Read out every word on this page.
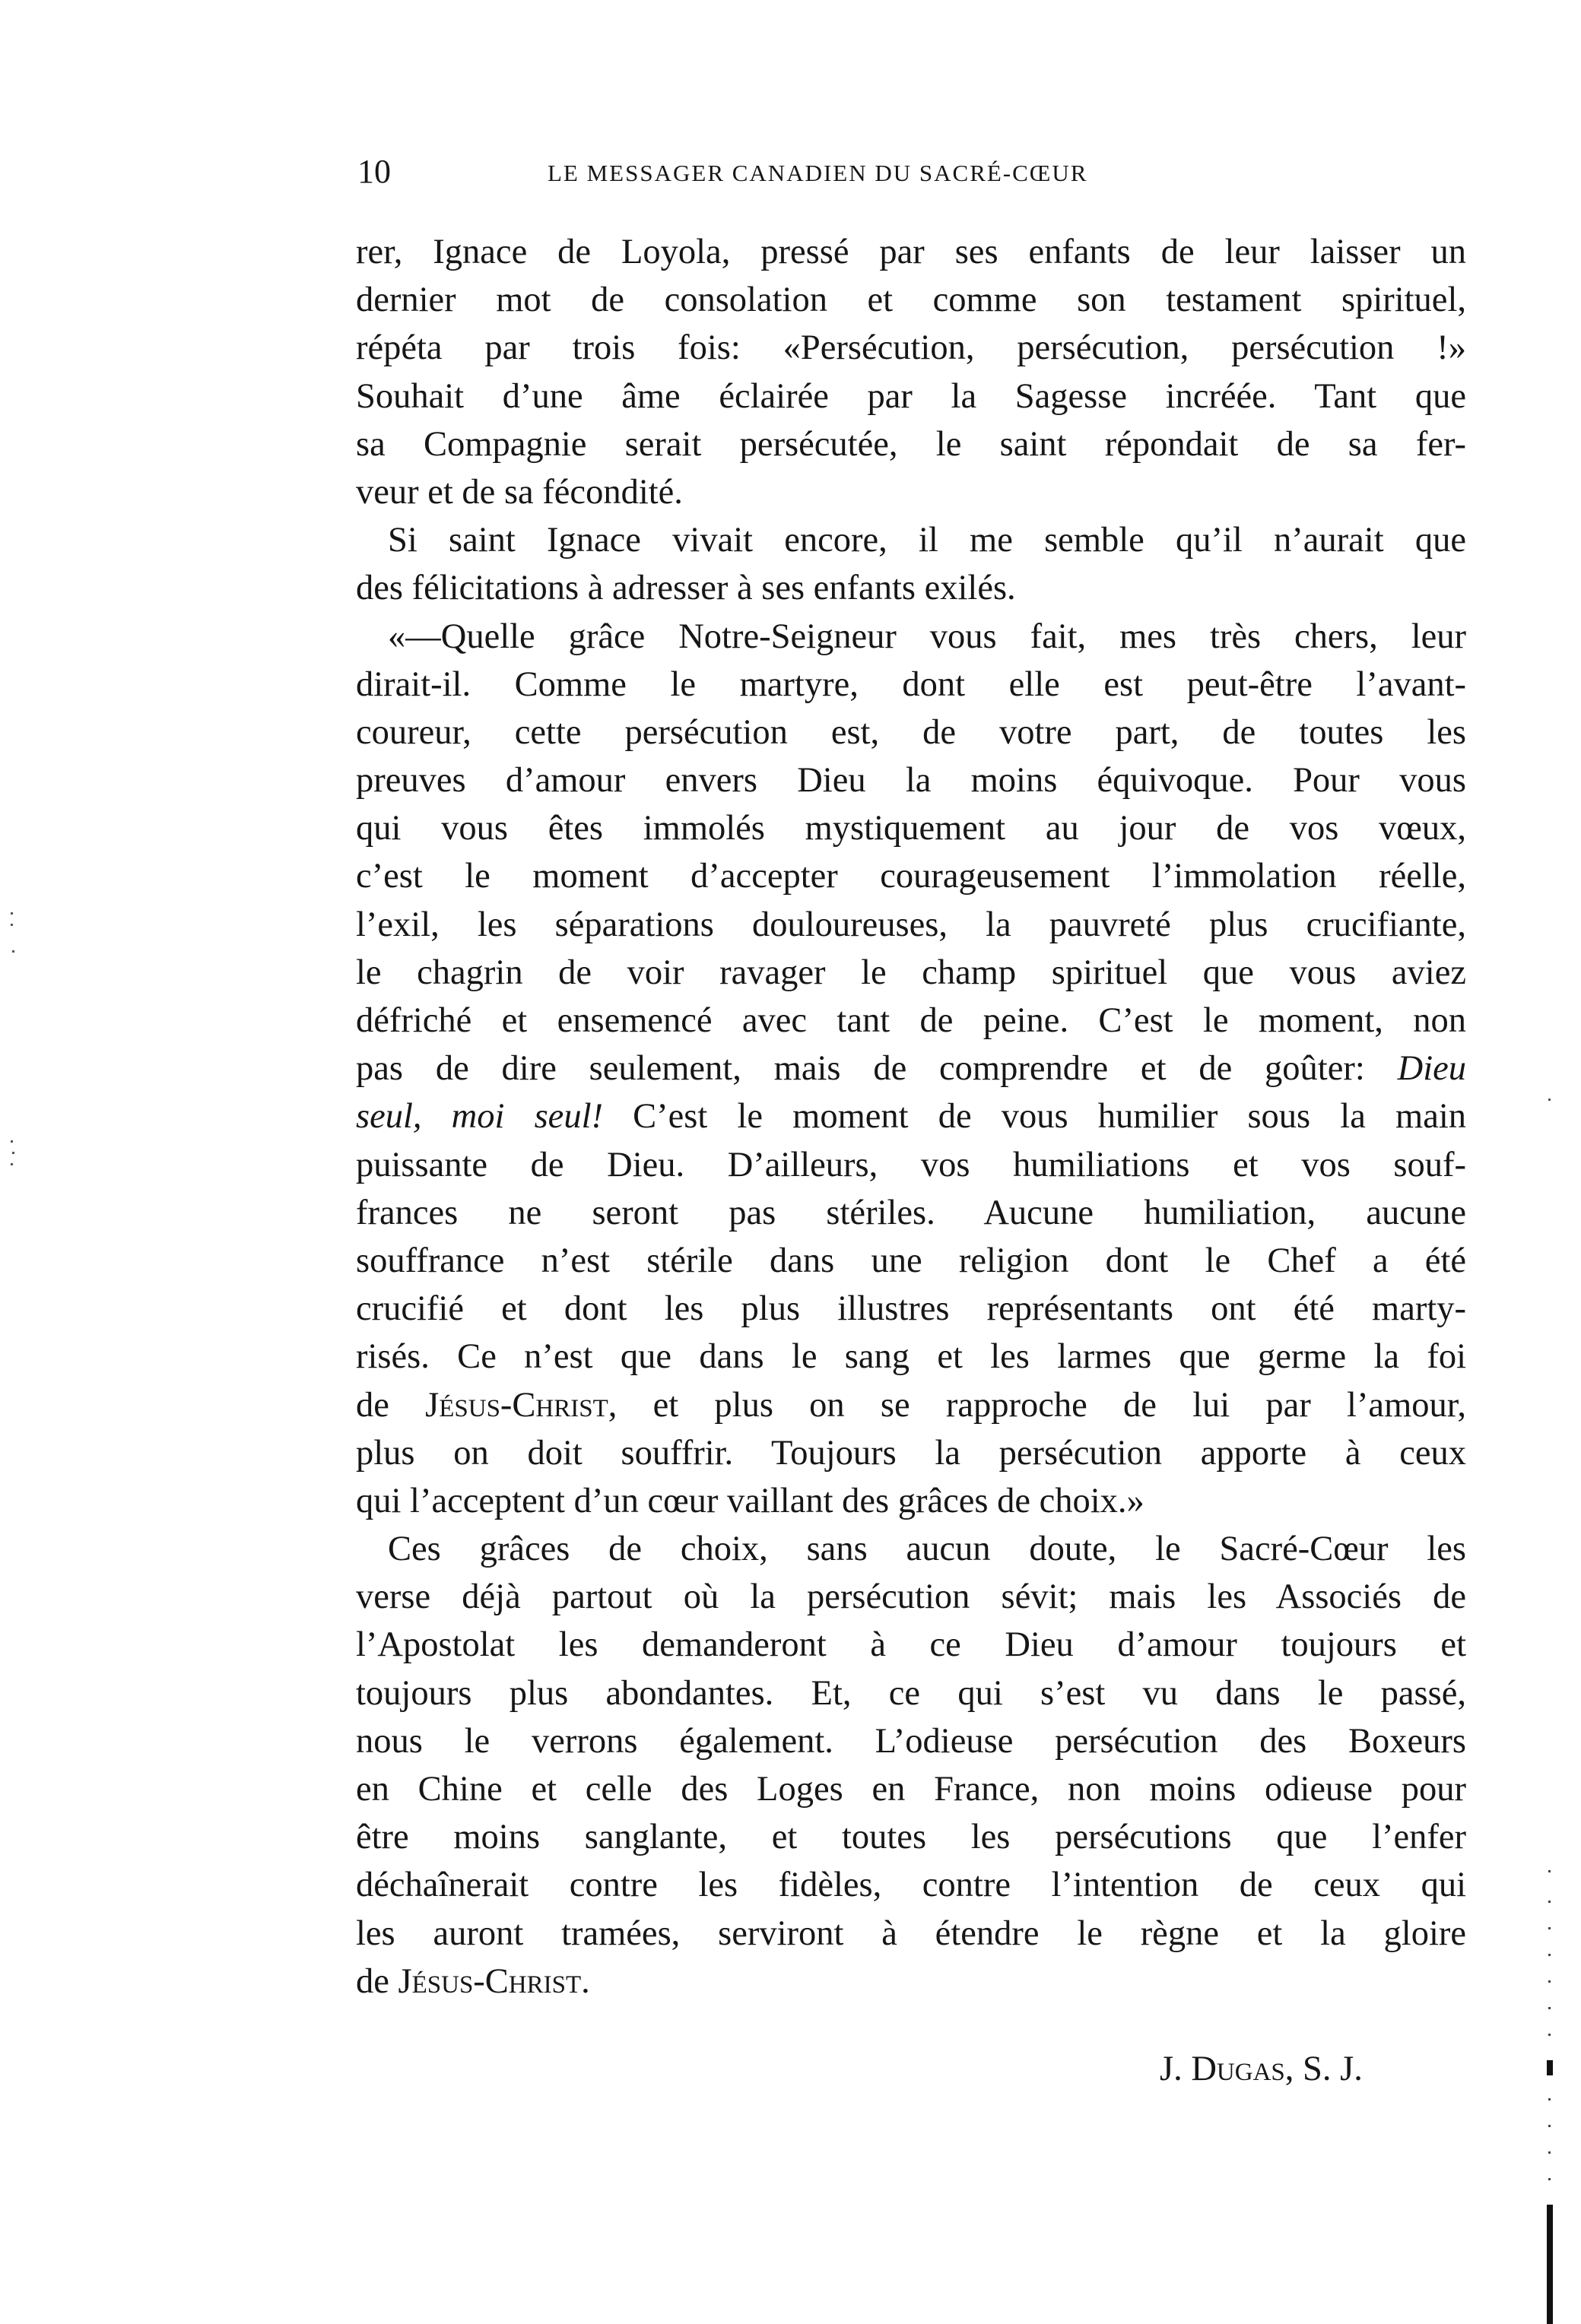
10	LE MESSAGER CANADIEN DU SACRÉ-CŒUR
rer, Ignace de Loyola, pressé par ses enfants de leur laisser un
dernier mot de consolation et comme son testament spirituel,
répéta par trois fois: «Persécution, persécution, persécution !»
Souhait d’une âme éclairée par la Sagesse incréée. Tant que
sa Compagnie serait persécutée, le saint répondait de sa fer-
veur et de sa fécondité.
Si saint Ignace vivait encore, il me semble qu’il n’aurait que
des félicitations à adresser à ses enfants exilés.
«—Quelle grâce Notre-Seigneur vous fait, mes très chers, leur
dirait-il. Comme le martyre, dont elle est peut-être l’avant-
coureur, cette persécution est, de votre part, de toutes les
preuves d’amour envers Dieu la moins équivoque. Pour vous
qui vous êtes immolés mystiquement au jour de vos vœux,
c’est le moment d’accepter courageusement l’immolation réelle,
l’exil, les séparations douloureuses, la pauvreté plus crucifiante,
le chagrin de voir ravager le champ spirituel que vous aviez
défriché et ensemencé avec tant de peine. C’est le moment, non
pas de dire seulement, mais de comprendre et de goûter: Dieu
seul, moi seul! C’est le moment de vous humilier sous la main
puissante de Dieu. D’ailleurs, vos humiliations et vos souf-
frances ne seront pas stériles. Aucune humiliation, aucune
souffrance n’est stérile dans une religion dont le Chef a été
crucifié et dont les plus illustres représentants ont été marty-
risés. Ce n’est que dans le sang et les larmes que germe la foi
de Jésus-Christ, et plus on se rapproche de lui par l’amour,
plus on doit souffrir. Toujours la persécution apporte à ceux
qui l’acceptent d’un cœur vaillant des grâces de choix.»
Ces grâces de choix, sans aucun doute, le Sacré-Cœur les
verse déjà partout où la persécution sévit; mais les Associés de
l’Apostolat les demanderont à ce Dieu d’amour toujours et
toujours plus abondantes. Et, ce qui s’est vu dans le passé,
nous le verrons également. L’odieuse persécution des Boxeurs
en Chine et celle des Loges en France, non moins odieuse pour
être moins sanglante, et toutes les persécutions que l’enfer
déchaînerait contre les fidèles, contre l’intention de ceux qui
les auront tramées, serviront à étendre le règne et la gloire
de Jésus-Christ.
J. Dugas, S. J.
